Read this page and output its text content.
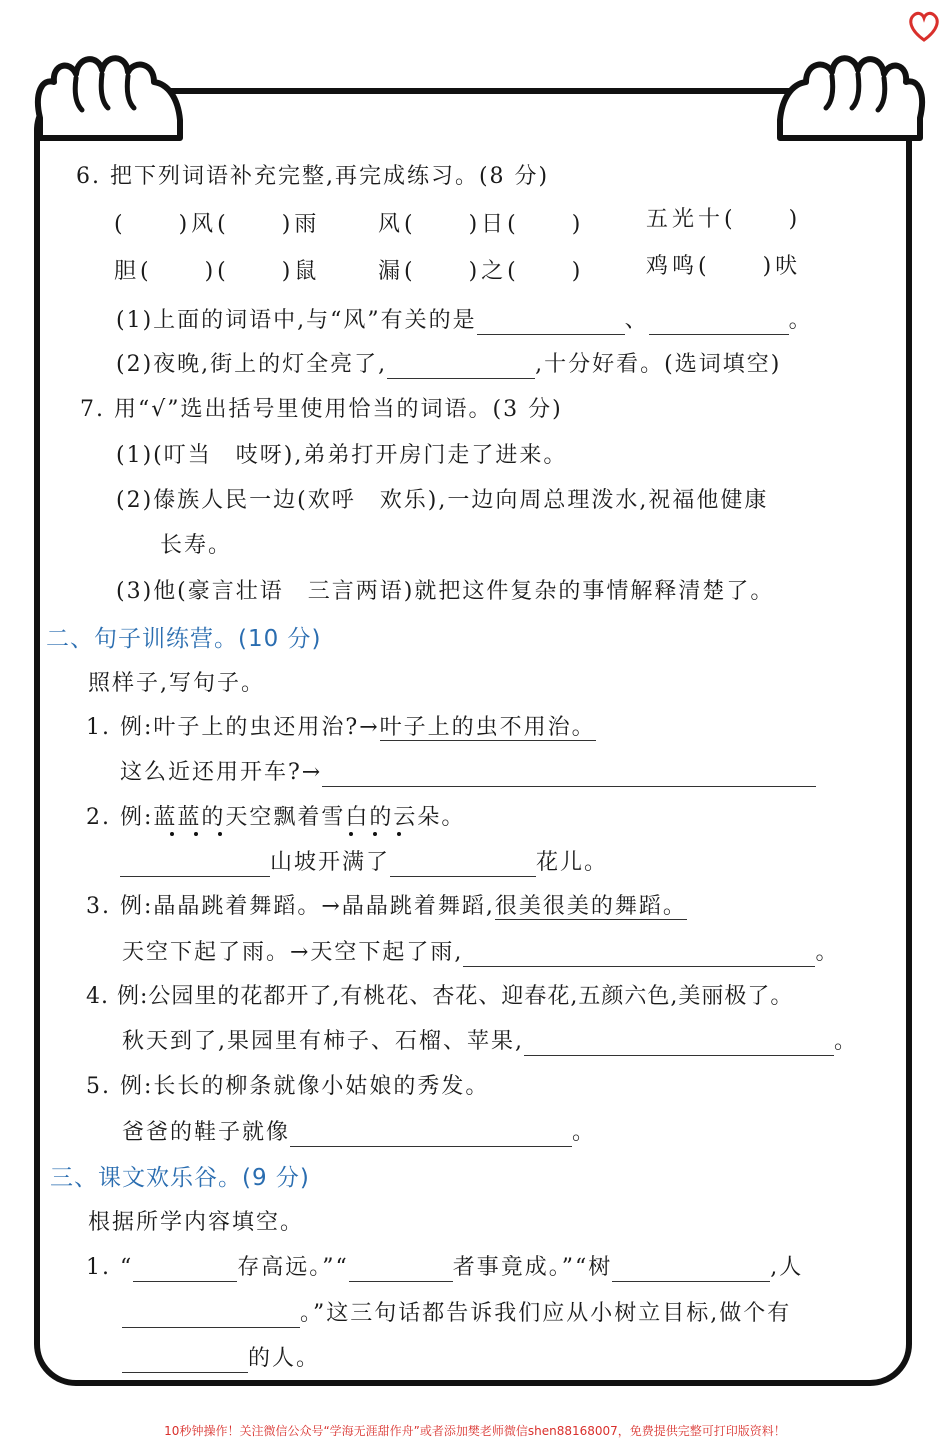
6. 把下列词语补充完整,再完成练习。(8 分)
(　　)风(　　)雨	风(　　)日(　　)	五光十(　　)
胆(　　)(　　)鼠	漏(　　)之(　　)	鸡鸣(　　)吠
(1)上面的词语中,与“风”有关的是	、	。
(2)夜晚,街上的灯全亮了,	,十分好看。(选词填空)
7. 用“√”选出括号里使用恰当的词语。(3 分)
(1)(叮当　吱呀),弟弟打开房门走了进来。
(2)傣族人民一边(欢呼　欢乐),一边向周总理泼水,祝福他健康
长寿。
(3)他(豪言壮语　三言两语)就把这件复杂的事情解释清楚了。
二、句子训练营。(10 分)
照样子,写句子。
1. 例:叶子上的虫还用治?→叶子上的虫不用治。
这么近还用开车?→
2. 例:蓝蓝的天空飘着雪白的云朵。
山坡开满了	花儿。
3. 例:晶晶跳着舞蹈。→晶晶跳着舞蹈,很美很美的舞蹈。
天空下起了雨。→天空下起了雨,	。
4. 例:公园里的花都开了,有桃花、杏花、迎春花,五颜六色,美丽极了。
秋天到了,果园里有柿子、石榴、苹果,	。
5. 例:长长的柳条就像小姑娘的秀发。
爸爸的鞋子就像	。
三、课文欢乐谷。(9 分)
根据所学内容填空。
1. “	存高远。”“	者事竟成。”“树	,人
。”这三句话都告诉我们应从小树立目标,做个有
的人。
10秒钟操作！关注微信公众号“学海无涯甜作舟”或者添加樊老师微信shen88168007，免费提供完整可打印版资料！
